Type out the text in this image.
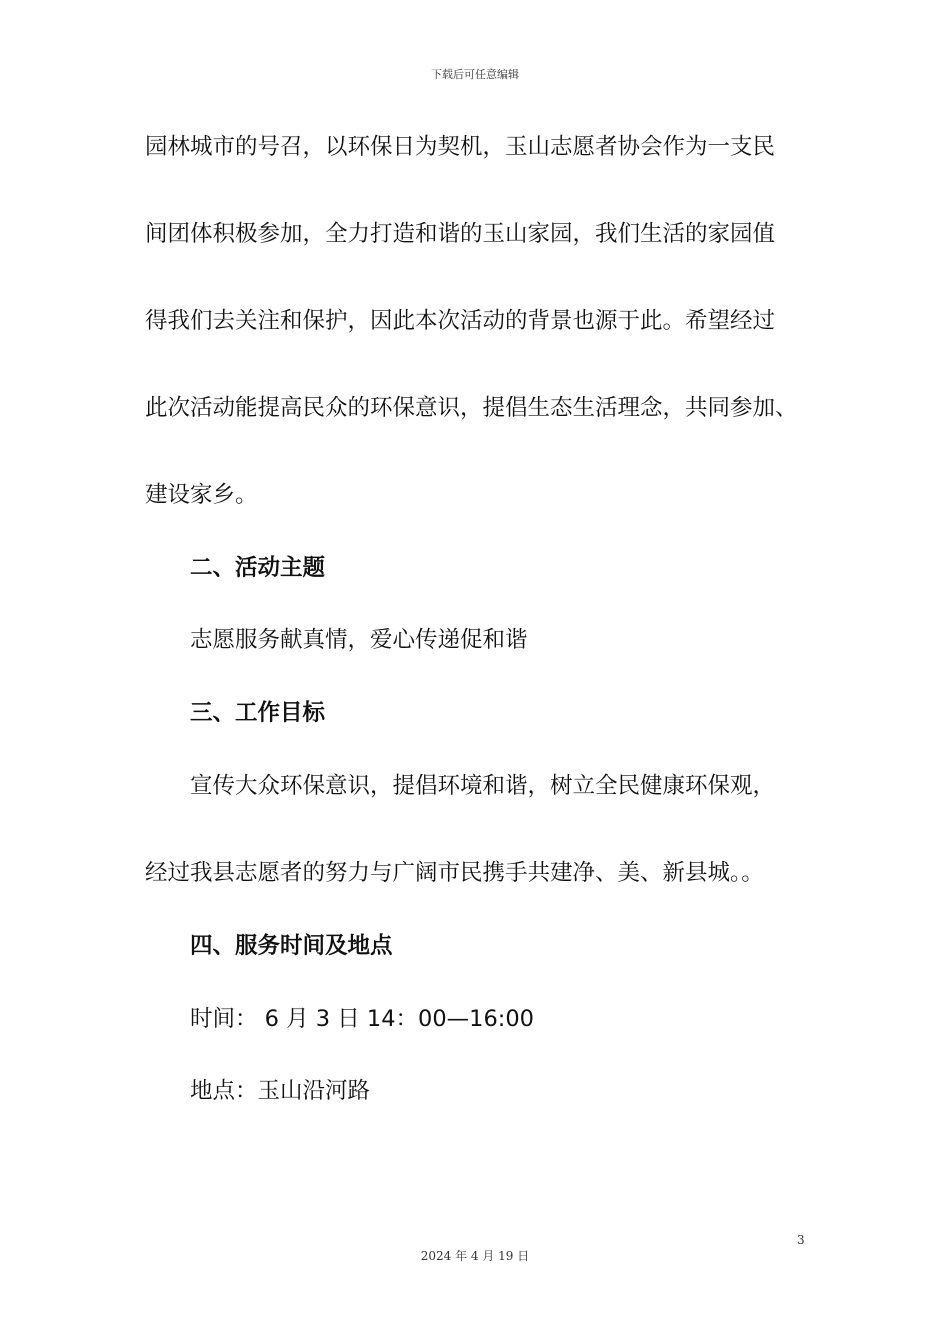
下载后可任意编辑
园林城市的号召，以环保日为契机，玉山志愿者协会作为一支民
间团体积极参加，全力打造和谐的玉山家园，我们生活的家园值
得我们去关注和保护，因此本次活动的背景也源于此。希望经过
此次活动能提高民众的环保意识，提倡生态生活理念，共同参加、
建设家乡。
二、活动主题
志愿服务献真情，爱心传递促和谐
三、工作目标
宣传大众环保意识，提倡环境和谐，树立全民健康环保观，
经过我县志愿者的努力与广阔市民携手共建净、美、新县城。。
四、服务时间及地点
时间： 6 月 3 日 14：00—16:00
地点：玉山沿河路
3
2024 年 4 月 19 日
